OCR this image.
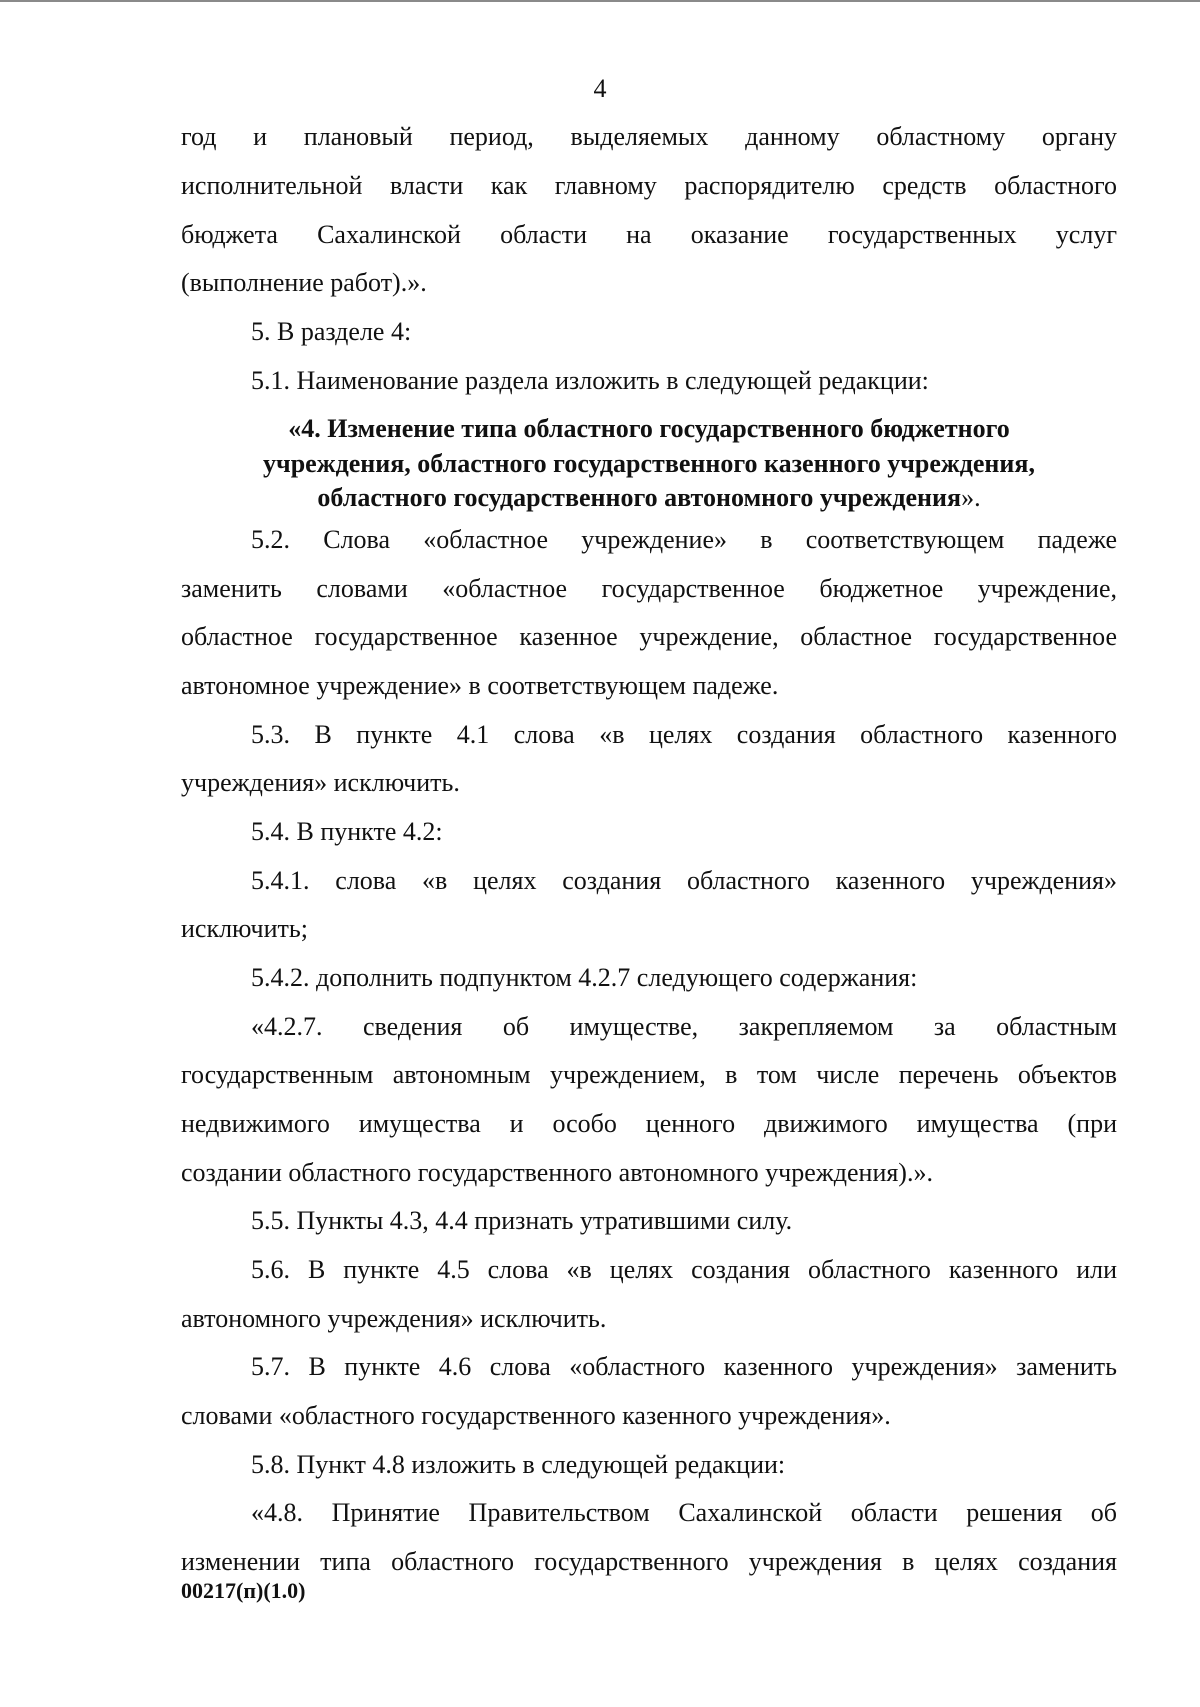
4

год и плановый период, выделяемых данному областному органу

исполнительной власти как главному распорядителю средств областного

бюджета Сахалинской области на оказание государственных услуг

(выполнение работ).».

5. В разделе 4:

5.1. Наименование раздела изложить в следующей редакции:

«4. Изменение типа областного государственного бюджетного

учреждения, областного государственного казенного учреждения,

областного государственного автономного учреждения».

5.2. Слова «областное учреждение» в соответствующем падеже

заменить словами «областное государственное бюджетное учреждение,

областное государственное казенное учреждение, областное государственное

автономное учреждение» в соответствующем падеже.

5.3. В пункте 4.1 слова «в целях создания областного казенного

учреждения» исключить.

5.4. В пункте 4.2:

5.4.1. слова «в целях создания областного казенного учреждения»

исключить;

5.4.2. дополнить подпунктом 4.2.7 следующего содержания:

«4.2.7. сведения об имуществе, закрепляемом за областным

государственным автономным учреждением, в том числе перечень объектов

недвижимого имущества и особо ценного движимого имущества (при

создании областного государственного автономного учреждения).».

5.5. Пункты 4.3, 4.4 признать утратившими силу.

5.6. В пункте 4.5 слова «в целях создания областного казенного или

автономного учреждения» исключить.

5.7. В пункте 4.6 слова «областного казенного учреждения» заменить

словами «областного государственного казенного учреждения».

5.8. Пункт 4.8 изложить в следующей редакции:

«4.8. Принятие Правительством Сахалинской области решения об

изменении типа областного государственного учреждения в целях создания

00217(п)(1.0)
